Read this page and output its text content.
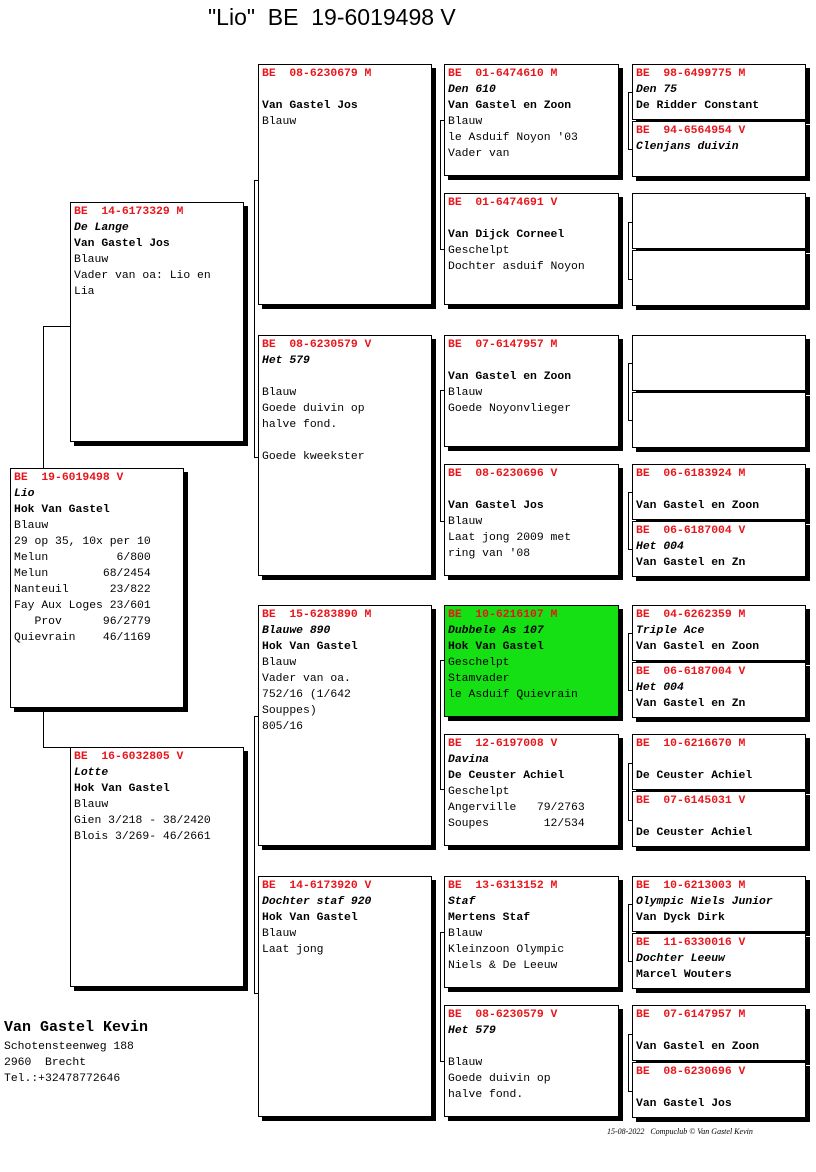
"Lio"  BE  19-6019498 V
BE  19-6019498 V
Lio
Hok Van Gastel
Blauw
29 op 35, 10x per 10
Melun          6/800
Melun        68/2454
Nanteuil      23/822
Fay Aux Loges 23/601
Prov      96/2779
Quievrain    46/1169
BE  14-6173329 M
De Lange
Van Gastel Jos
Blauw
Vader van oa: Lio en
Lia
BE  16-6032805 V
Lotte
Hok Van Gastel
Blauw
Gien 3/218 - 38/2420
Blois 3/269- 46/2661
BE  08-6230679 M

Van Gastel Jos
Blauw
BE  08-6230579 V
Het 579

Blauw
Goede duivin op
halve fond.

Goede kweekster
BE  15-6283890 M
Blauwe 890
Hok Van Gastel
Blauw
Vader van oa.
752/16 (1/642
Souppes)
805/16
BE  14-6173920 V
Dochter staf 920
Hok Van Gastel
Blauw
Laat jong
BE  01-6474610 M
Den 610
Van Gastel en Zoon
Blauw
le Asduif Noyon '03
Vader van
BE  01-6474691 V

Van Dijck Corneel
Geschelpt
Dochter asduif Noyon
BE  07-6147957 M

Van Gastel en Zoon
Blauw
Goede Noyonvlieger
BE  08-6230696 V

Van Gastel Jos
Blauw
Laat jong 2009 met
ring van '08
BE  10-6216107 M
Dubbele As 107
Hok Van Gastel
Geschelpt
Stamvader
le Asduif Quievrain
BE  12-6197008 V
Davina
De Ceuster Achiel
Geschelpt
Angerville   79/2763
Soupes        12/534
BE  13-6313152 M
Staf
Mertens Staf
Blauw
Kleinzoon Olympic
Niels & De Leeuw
BE  08-6230579 V
Het 579

Blauw
Goede duivin op
halve fond.
BE  98-6499775 M
Den 75
De Ridder Constant
BE  94-6564954 V
Clenjans duivin
BE  06-6183924 M

Van Gastel en Zoon
BE  06-6187004 V
Het 004
Van Gastel en Zn
BE  04-6262359 M
Triple Ace
Van Gastel en Zoon
BE  06-6187004 V
Het 004
Van Gastel en Zn
BE  10-6216670 M

De Ceuster Achiel
BE  07-6145031 V

De Ceuster Achiel
BE  10-6213003 M
Olympic Niels Junior
Van Dyck Dirk
BE  11-6330016 V
Dochter Leeuw
Marcel Wouters
BE  07-6147957 M

Van Gastel en Zoon
BE  08-6230696 V

Van Gastel Jos
Van Gastel Kevin
Schotensteenweg 188
2960  Brecht
Tel.:+32478772646
15-08-2022   Compuclub © Van Gastel Kevin
